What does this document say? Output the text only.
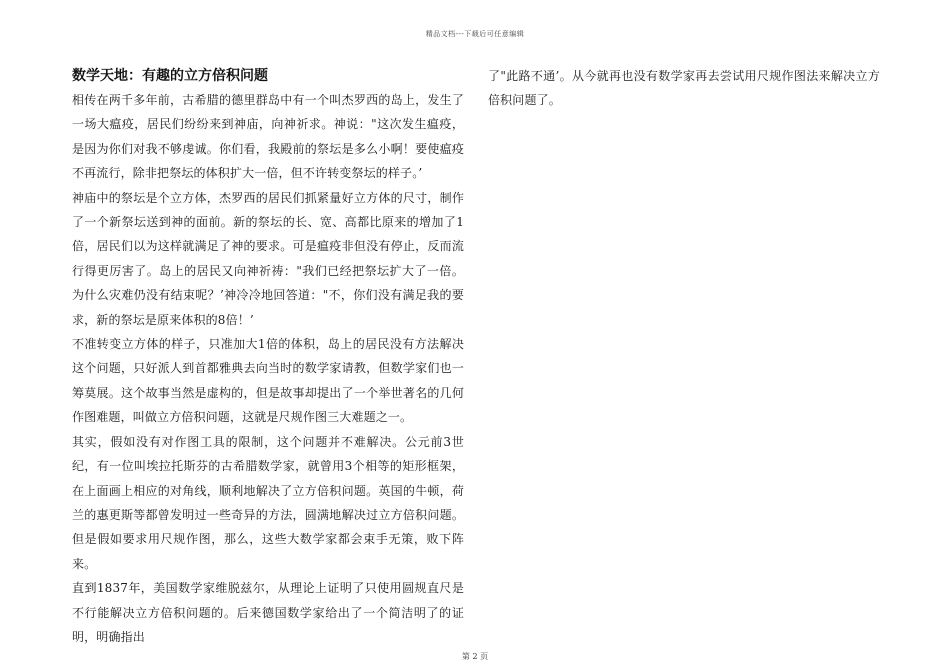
精品文档---下载后可任意编辑
数学天地：有趣的立方倍积问题

相传在两千多年前，古希腊的德里群岛中有一个叫杰罗西的岛上，发生了一场大瘟疫，居民们纷纷来到神庙，向神祈求。神说："这次发生瘟疫，是因为你们对我不够虔诚。你们看，我殿前的祭坛是多么小啊！要使瘟疫不再流行，除非把祭坛的体积扩大一倍，但不许转变祭坛的样子。’

神庙中的祭坛是个立方体，杰罗西的居民们抓紧量好立方体的尺寸，制作了一个新祭坛送到神的面前。新的祭坛的长、宽、高都比原来的增加了1倍，居民们以为这样就满足了神的要求。可是瘟疫非但没有停止，反而流行得更厉害了。岛上的居民又向神祈祷："我们已经把祭坛扩大了一倍。为什么灾难仍没有结束呢？’神冷冷地回答道："不，你们没有满足我的要求，新的祭坛是原来体积的8倍！’

不准转变立方体的样子，只准加大1倍的体积，岛上的居民没有方法解决这个问题，只好派人到首都雅典去向当时的数学家请教，但数学家们也一筹莫展。这个故事当然是虚构的，但是故事却提出了一个举世著名的几何作图难题，叫做立方倍积问题，这就是尺规作图三大难题之一。

其实，假如没有对作图工具的限制，这个问题并不难解决。公元前3世纪，有一位叫埃拉托斯芬的古希腊数学家，就曾用3个相等的矩形框架，在上面画上相应的对角线，顺利地解决了立方倍积问题。英国的牛顿，荷兰的惠更斯等都曾发明过一些奇异的方法，圆满地解决过立方倍积问题。但是假如要求用尺规作图，那么，这些大数学家都会束手无策，败下阵来。

直到1837年，美国数学家维脱兹尔，从理论上证明了只使用圆规直尺是不行能解决立方倍积问题的。后来德国数学家给出了一个简洁明了的证明，明确指出

了"此路不通’。从今就再也没有数学家再去尝试用尺规作图法来解决立方倍积问题了。

第 2 页
